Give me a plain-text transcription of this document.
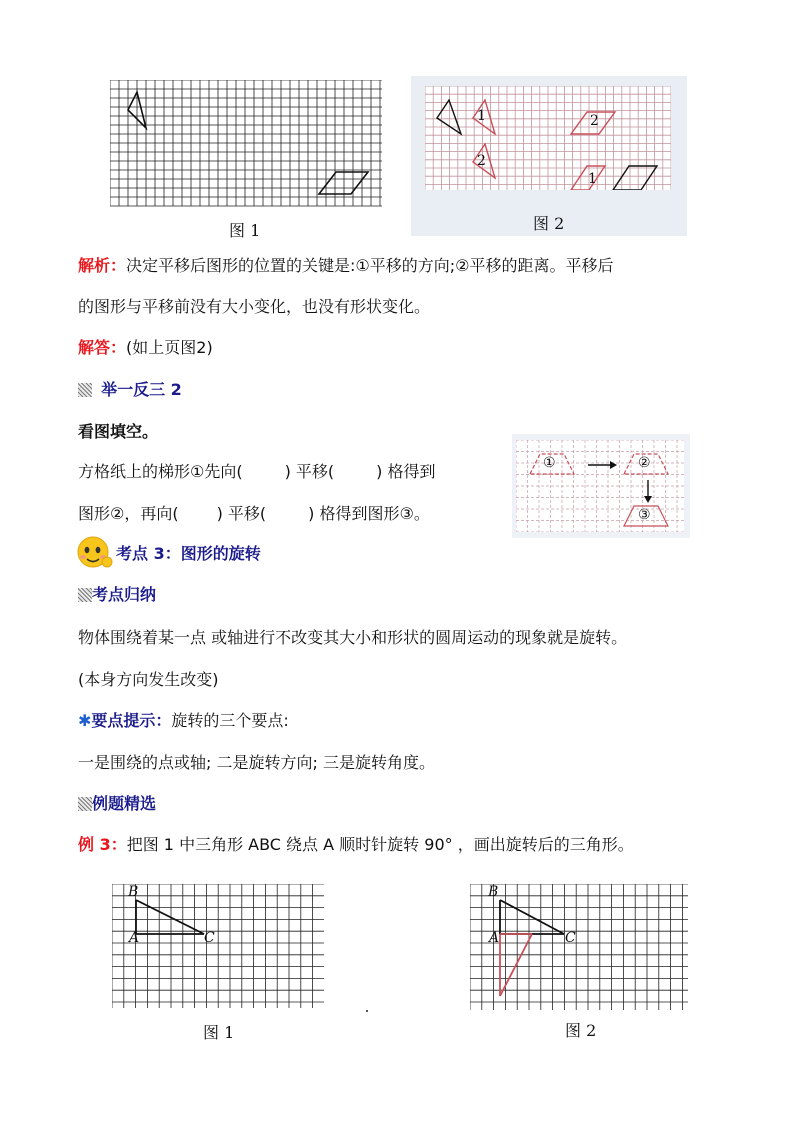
图 1
1
2
2
1
图 2
解析：决定平移后图形的位置的关键是:①平移的方向;②平移的距离。平移后
的图形与平移前没有大小变化，也没有形状变化。
解答：(如上页图2)
举一反三 2
看图填空。
方格纸上的梯形①先向(	) 平移(	) 格得到
图形②，再向( ) 平移(	) 格得到图形③。
①	②
③
考点 3：图形的旋转
考点归纳
物体围绕着某一点 或轴进行不改变其大小和形状的圆周运动的现象就是旋转。
(本身方向发生改变)
✱要点提示：旋转的三个要点:
一是围绕的点或轴; 二是旋转方向; 三是旋转角度。
例题精选
例 3：把图 1 中三角形 ABC 绕点 A 顺时针旋转 90° ，画出旋转后的三角形。
B
A	C
图 1
B
A	C
图 2
